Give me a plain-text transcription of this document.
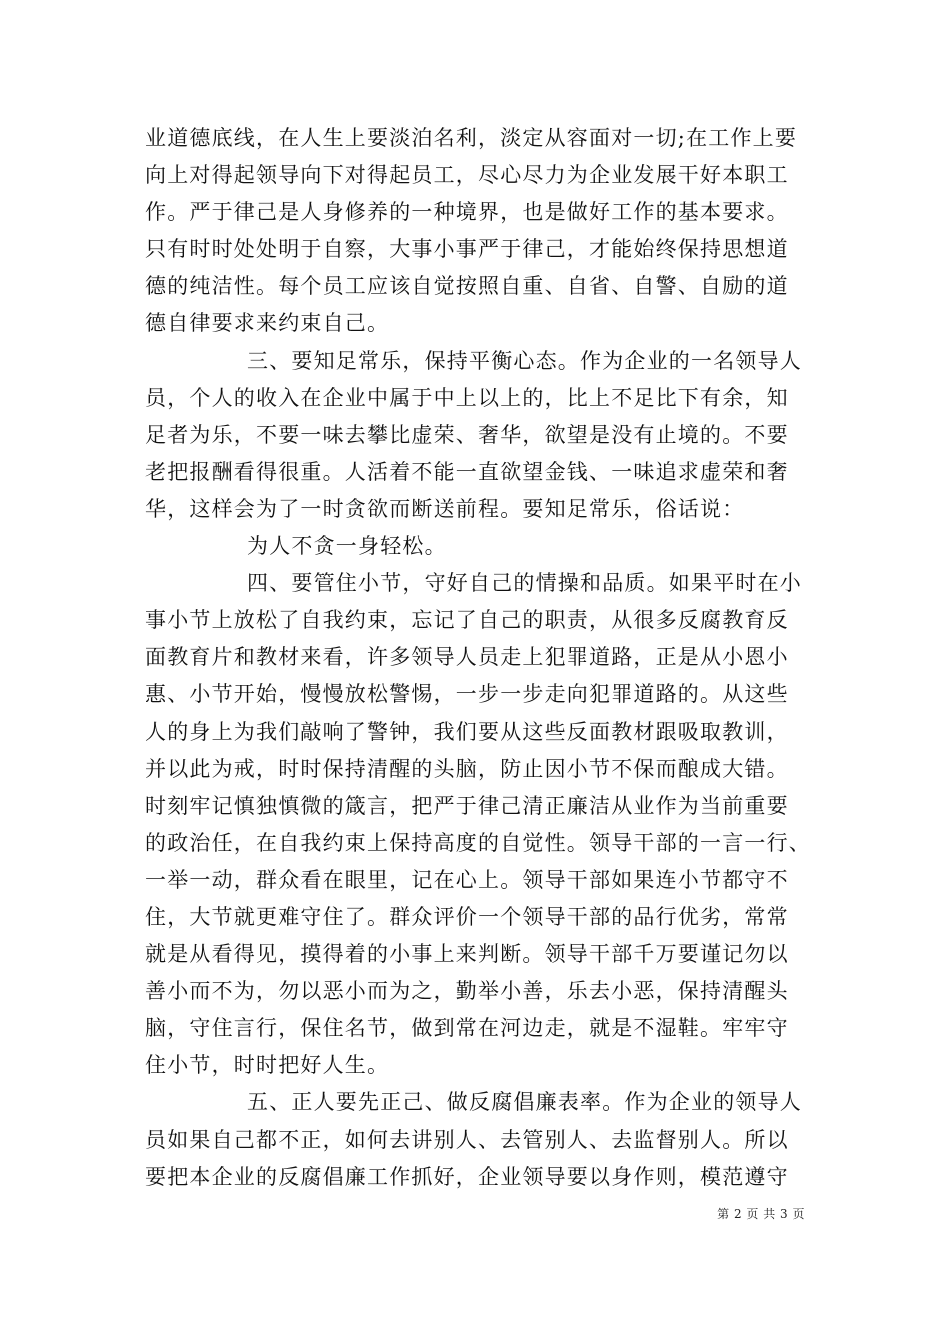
业道德底线，在人生上要淡泊名利，淡定从容面对一切;在工作上要
向上对得起领导向下对得起员工，尽心尽力为企业发展干好本职工
作。严于律己是人身修养的一种境界，也是做好工作的基本要求。
只有时时处处明于自察，大事小事严于律己，才能始终保持思想道
德的纯洁性。每个员工应该自觉按照自重、自省、自警、自励的道
德自律要求来约束自己。
三、要知足常乐，保持平衡心态。作为企业的一名领导人
员，个人的收入在企业中属于中上以上的，比上不足比下有余，知
足者为乐，不要一味去攀比虚荣、奢华，欲望是没有止境的。不要
老把报酬看得很重。人活着不能一直欲望金钱、一味追求虚荣和奢
华，这样会为了一时贪欲而断送前程。要知足常乐，俗话说：
为人不贪一身轻松。
四、要管住小节，守好自己的情操和品质。如果平时在小
事小节上放松了自我约束，忘记了自己的职责，从很多反腐教育反
面教育片和教材来看，许多领导人员走上犯罪道路，正是从小恩小
惠、小节开始，慢慢放松警惕，一步一步走向犯罪道路的。从这些
人的身上为我们敲响了警钟，我们要从这些反面教材跟吸取教训，
并以此为戒，时时保持清醒的头脑，防止因小节不保而酿成大错。
时刻牢记慎独慎微的箴言，把严于律己清正廉洁从业作为当前重要
的政治任，在自我约束上保持高度的自觉性。领导干部的一言一行、
一举一动，群众看在眼里，记在心上。领导干部如果连小节都守不
住，大节就更难守住了。群众评价一个领导干部的品行优劣，常常
就是从看得见，摸得着的小事上来判断。领导干部千万要谨记勿以
善小而不为，勿以恶小而为之，勤举小善，乐去小恶，保持清醒头
脑，守住言行，保住名节，做到常在河边走，就是不湿鞋。牢牢守
住小节，时时把好人生。
五、正人要先正己、做反腐倡廉表率。作为企业的领导人
员如果自己都不正，如何去讲别人、去管别人、去监督别人。所以
要把本企业的反腐倡廉工作抓好，企业领导要以身作则，模范遵守
第 2 页 共 3 页
